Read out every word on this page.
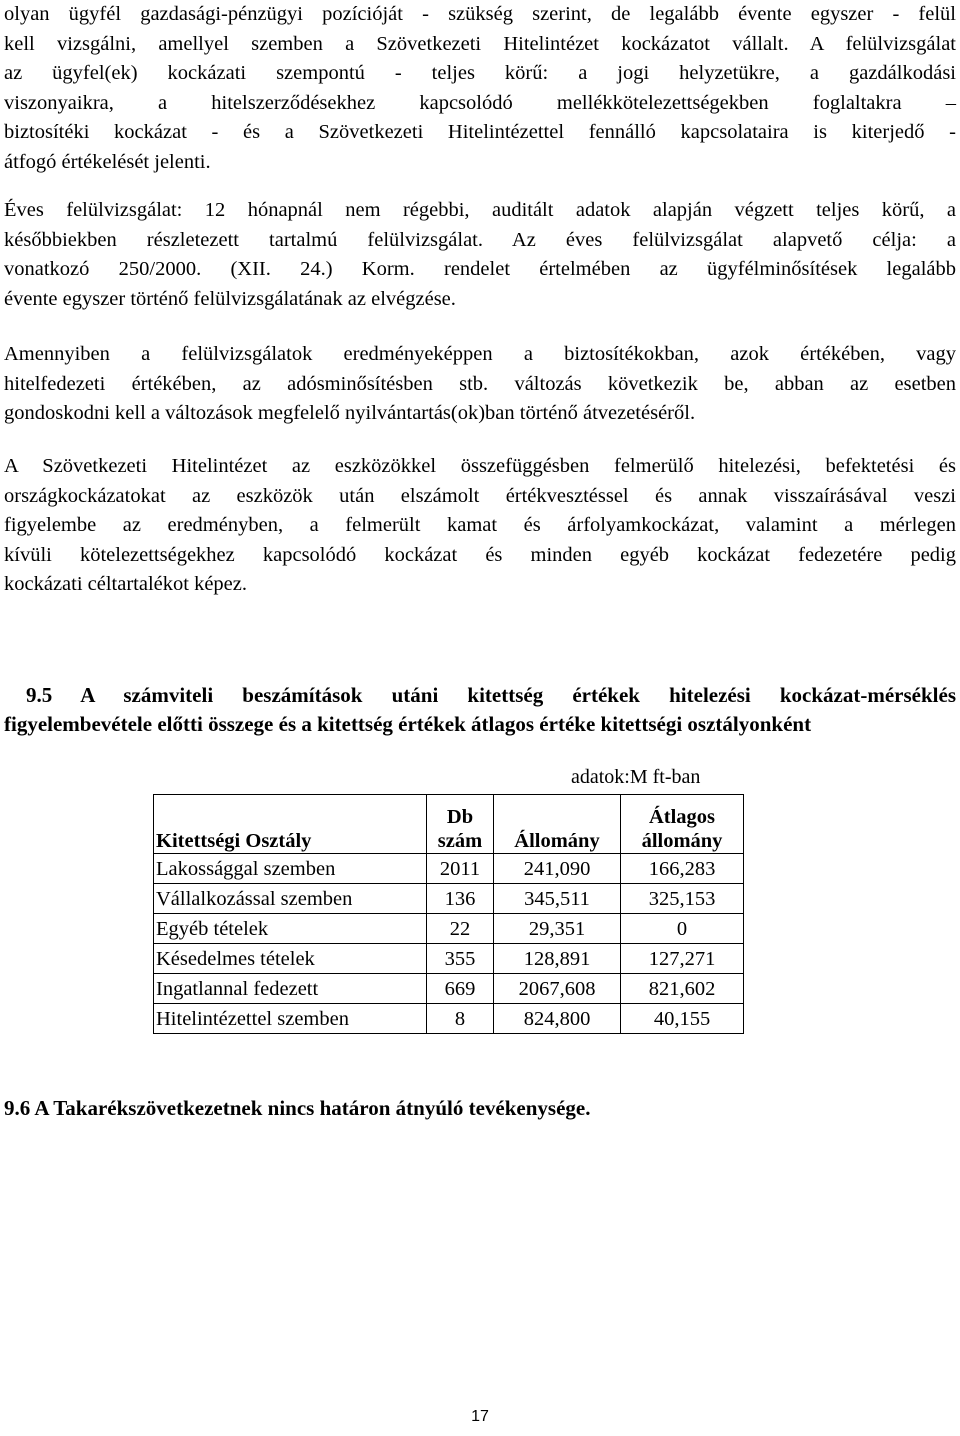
olyan ügyfél gazdasági-pénzügyi pozícióját - szükség szerint, de legalább évente egyszer - felül
kell vizsgálni, amellyel szemben a Szövetkezeti Hitelintézet kockázatot vállalt. A felülvizsgálat
az ügyfel(ek) kockázati szempontú - teljes körű: a jogi helyzetükre, a gazdálkodási
viszonyaikra, a hitelszerződésekhez kapcsolódó mellékkötelezettségekben foglaltakra –
biztosítéki kockázat - és a Szövetkezeti Hitelintézettel fennálló kapcsolataira is kiterjedő -
átfogó értékelését jelenti.
Éves felülvizsgálat: 12 hónapnál nem régebbi, auditált adatok alapján végzett teljes körű, a
későbbiekben részletezett tartalmú felülvizsgálat. Az éves felülvizsgálat alapvető célja: a
vonatkozó 250/2000. (XII. 24.) Korm. rendelet értelmében az ügyfélminősítések legalább
évente egyszer történő felülvizsgálatának az elvégzése.
Amennyiben a felülvizsgálatok eredményeképpen a biztosítékokban, azok értékében, vagy
hitelfedezeti értékében, az adósminősítésben stb. változás következik be, abban az esetben
gondoskodni kell a változások megfelelő nyilvántartás(ok)ban történő átvezetéséről.
A Szövetkezeti Hitelintézet az eszközökkel összefüggésben felmerülő hitelezési, befektetési és
országkockázatokat az eszközök után elszámolt értékvesztéssel és annak visszaírásával veszi
figyelembe az eredményben, a felmerült kamat és árfolyamkockázat, valamint a mérlegen
kívüli kötelezettségekhez kapcsolódó kockázat és minden egyéb kockázat fedezetére pedig
kockázati céltartalékot képez.
9.5 A számviteli beszámítások utáni kitettség értékek hitelezési kockázat-mérséklés
figyelembevétele előtti összege és a kitettség értékek átlagos értéke kitettségi osztályonként
adatok:M ft-ban
Kitettségi Osztály	Db szám	Állomány	Átlagos állomány
Lakossággal szemben	2011	241,090	166,283
Vállalkozással szemben	136	345,511	325,153
Egyéb tételek	22	29,351	0
Késedelmes tételek	355	128,891	127,271
Ingatlannal fedezett	669	2067,608	821,602
Hitelintézettel szemben	8	824,800	40,155
9.6 A Takarékszövetkezetnek nincs határon átnyúló tevékenysége.
17
